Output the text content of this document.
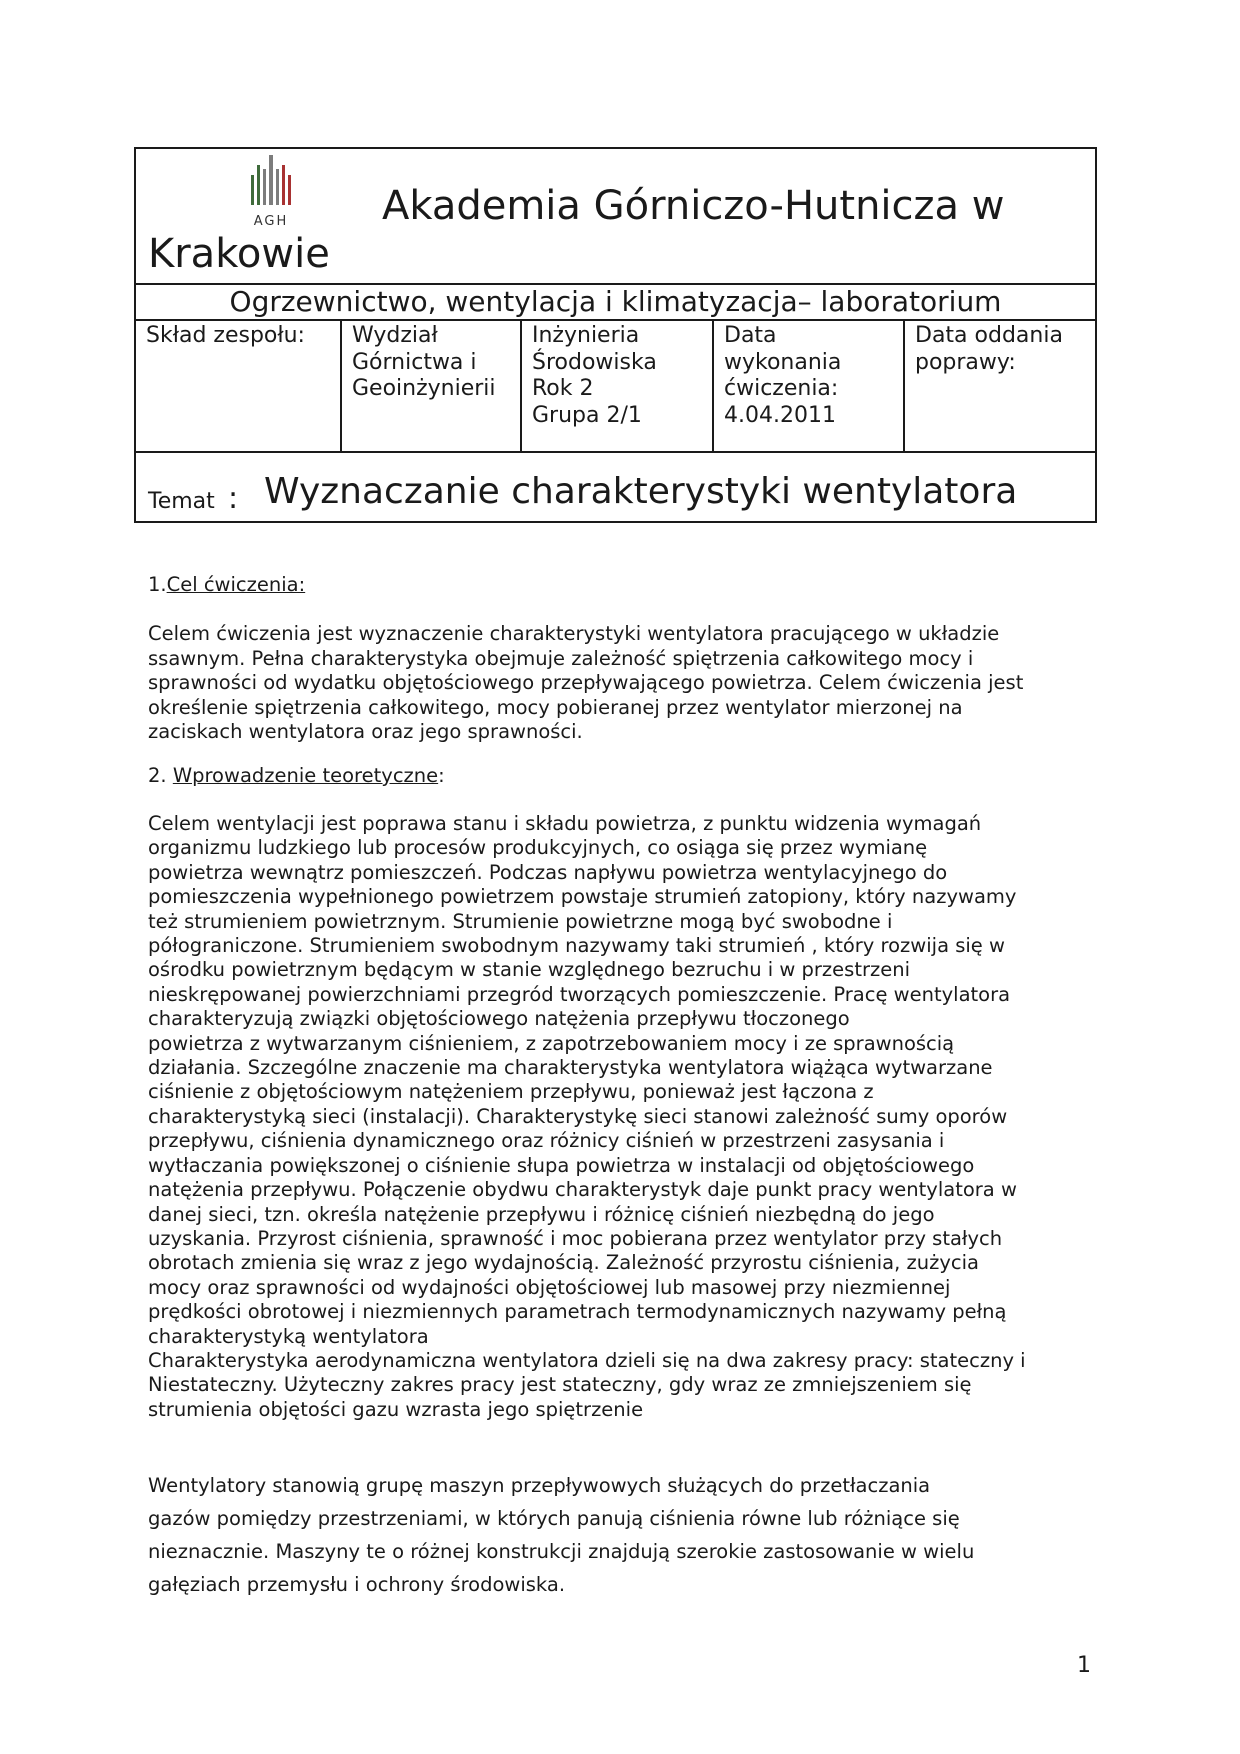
AGH Akademia Górniczo-Hutnicza w
Krakowie
Ogrzewnictwo, wentylacja i klimatyzacja– laboratorium
Skład zespołu:	Wydział
Górnictwa i
Geoinżynierii
Inżynieria
Środowiska
Rok 2
Grupa 2/1
Data
wykonania
ćwiczenia:
4.04.2011
Data oddania
poprawy:
Temat : Wyznaczanie charakterystyki wentylatora
1.Cel ćwiczenia:

Celem ćwiczenia jest wyznaczenie charakterystyki wentylatora pracującego w układzie

ssawnym. Pełna charakterystyka obejmuje zależność spiętrzenia całkowitego mocy i

sprawności od wydatku objętościowego przepływającego powietrza. Celem ćwiczenia jest

określenie spiętrzenia całkowitego, mocy pobieranej przez wentylator mierzonej na

zaciskach wentylatora oraz jego sprawności.

2. Wprowadzenie teoretyczne:

Celem wentylacji jest poprawa stanu i składu powietrza, z punktu widzenia wymagań

organizmu ludzkiego lub procesów produkcyjnych, co osiąga się przez wymianę

powietrza wewnątrz pomieszczeń. Podczas napływu powietrza wentylacyjnego do

pomieszczenia wypełnionego powietrzem powstaje strumień zatopiony, który nazywamy

też strumieniem powietrznym. Strumienie powietrzne mogą być swobodne i

półograniczone. Strumieniem swobodnym nazywamy taki strumień , który rozwija się w

ośrodku powietrznym będącym w stanie względnego bezruchu i w przestrzeni

nieskrępowanej powierzchniami przegród tworzących pomieszczenie. Pracę wentylatora

charakteryzują związki objętościowego natężenia przepływu tłoczonego

powietrza z wytwarzanym ciśnieniem, z zapotrzebowaniem mocy i ze sprawnością

działania. Szczególne znaczenie ma charakterystyka wentylatora wiążąca wytwarzane

ciśnienie z objętościowym natężeniem przepływu, ponieważ jest łączona z

charakterystyką sieci (instalacji). Charakterystykę sieci stanowi zależność sumy oporów

przepływu, ciśnienia dynamicznego oraz różnicy ciśnień w przestrzeni zasysania i

wytłaczania powiększonej o ciśnienie słupa powietrza w instalacji od objętościowego

natężenia przepływu. Połączenie obydwu charakterystyk daje punkt pracy wentylatora w

danej sieci, tzn. określa natężenie przepływu i różnicę ciśnień niezbędną do jego

uzyskania. Przyrost ciśnienia, sprawność i moc pobierana przez wentylator przy stałych

obrotach zmienia się wraz z jego wydajnością. Zależność przyrostu ciśnienia, zużycia

mocy oraz sprawności od wydajności objętościowej lub masowej przy niezmiennej

prędkości obrotowej i niezmiennych parametrach termodynamicznych nazywamy pełną

charakterystyką wentylatora

Charakterystyka aerodynamiczna wentylatora dzieli się na dwa zakresy pracy: stateczny i

Niestateczny. Użyteczny zakres pracy jest stateczny, gdy wraz ze zmniejszeniem się

strumienia objętości gazu wzrasta jego spiętrzenie

Wentylatory stanowią grupę maszyn przepływowych służących do przetłaczania

gazów pomiędzy przestrzeniami, w których panują ciśnienia równe lub różniące się

nieznacznie. Maszyny te o różnej konstrukcji znajdują szerokie zastosowanie w wielu

gałęziach przemysłu i ochrony środowiska.

1
